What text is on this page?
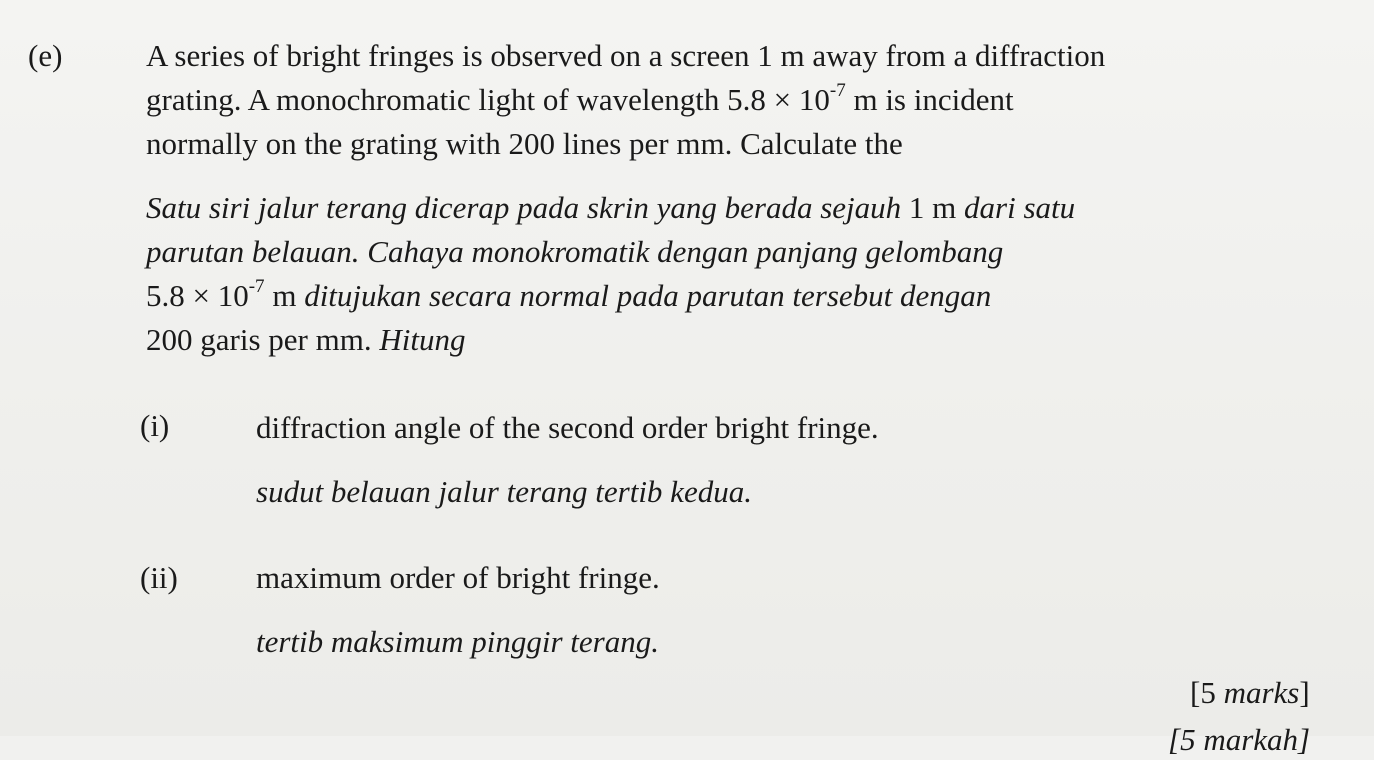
(e)	A series of bright fringes is observed on a screen 1 m away from a diffraction
grating. A monochromatic light of wavelength $5.8 \times 10^{-7}$ m is incident
normally on the grating with 200 lines per mm. Calculate the
Satu siri jalur terang dicerap pada skrin yang berada sejauh 1 m dari satu
parutan belauan. Cahaya monokromatik dengan panjang gelombang
$5.8 \times 10^{-7}$ m ditujukan secara normal pada parutan tersebut dengan
200 garis per mm. Hitung
(i)	diffraction angle of the second order bright fringe.
sudut belauan jalur terang tertib kedua.
(ii)	maximum order of bright fringe.
tertib maksimum pinggir terang.
[5 marks]
[5 markah]
